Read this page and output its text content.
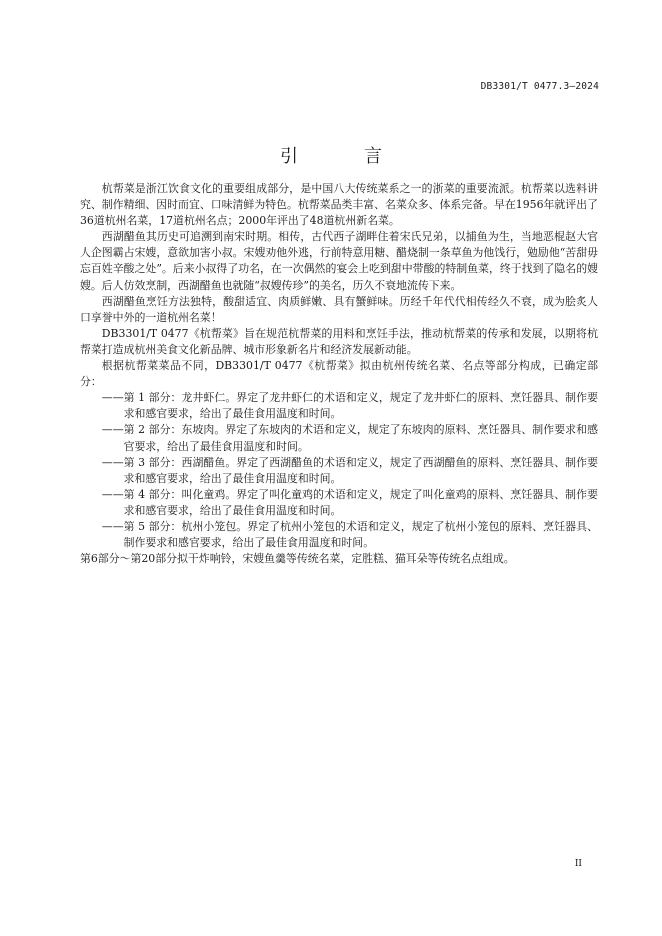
DB3301/T 0477.3—2024
引　言

杭帮菜是浙江饮食文化的重要组成部分，是中国八大传统菜系之一的浙菜的重要流派。杭帮菜以选料讲究、制作精细、因时而宜、口味清鲜为特色。杭帮菜品类丰富、名菜众多、体系完备。早在1956年就评出了36道杭州名菜，17道杭州名点；2000年评出了48道杭州新名菜。

西湖醋鱼其历史可追溯到南宋时期。相传，古代西子湖畔住着宋氏兄弟，以捕鱼为生，当地恶棍赵大官人企图霸占宋嫂，意欲加害小叔。宋嫂劝他外逃，行前特意用糖、醋烧制一条草鱼为他饯行，勉励他“苦甜毋忘百姓辛酸之处”。后来小叔得了功名，在一次偶然的宴会上吃到甜中带酸的特制鱼菜，终于找到了隐名的嫂嫂。后人仿效烹制，西湖醋鱼也就随“叔嫂传珍”的美名，历久不衰地流传下来。

西湖醋鱼烹饪方法独特，酸甜适宜、肉质鲜嫩、具有蟹鲜味。历经千年代代相传经久不衰，成为脍炙人口享誉中外的一道杭州名菜！

DB3301/T 0477《杭帮菜》旨在规范杭帮菜的用料和烹饪手法，推动杭帮菜的传承和发展，以期将杭帮菜打造成杭州美食文化新品牌、城市形象新名片和经济发展新动能。

根据杭帮菜菜品不同，DB3301/T 0477《杭帮菜》拟由杭州传统名菜、名点等部分构成，已确定部分：

——第 1 部分：龙井虾仁。界定了龙井虾仁的术语和定义，规定了龙井虾仁的原料、烹饪器具、制作要求和感官要求，给出了最佳食用温度和时间。

——第 2 部分：东坡肉。界定了东坡肉的术语和定义，规定了东坡肉的原料、烹饪器具、制作要求和感官要求，给出了最佳食用温度和时间。

——第 3 部分：西湖醋鱼。界定了西湖醋鱼的术语和定义，规定了西湖醋鱼的原料、烹饪器具、制作要求和感官要求，给出了最佳食用温度和时间。

——第 4 部分：叫化童鸡。界定了叫化童鸡的术语和定义，规定了叫化童鸡的原料、烹饪器具、制作要求和感官要求，给出了最佳食用温度和时间。

——第 5 部分：杭州小笼包。界定了杭州小笼包的术语和定义，规定了杭州小笼包的原料、烹饪器具、制作要求和感官要求，给出了最佳食用温度和时间。

第6部分～第20部分拟干炸响铃，宋嫂鱼羹等传统名菜，定胜糕、猫耳朵等传统名点组成。

II
